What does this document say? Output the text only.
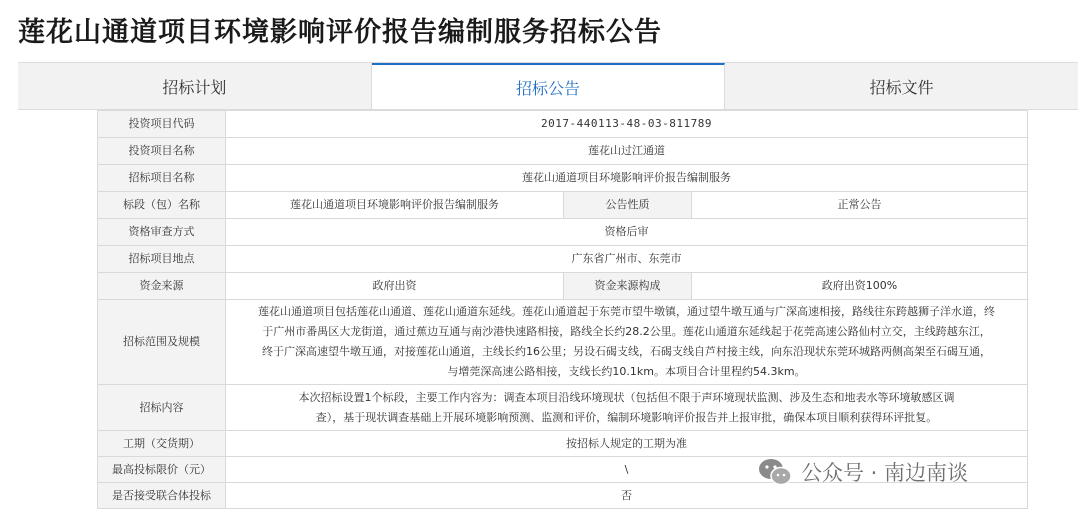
莲花山通道项目环境影响评价报告编制服务招标公告
招标计划	招标公告	招标文件
投资项目代码	2017-440113-48-03-811789		
投资项目名称	莲花山过江通道		
招标项目名称	莲花山通道项目环境影响评价报告编制服务		
标段（包）名称	莲花山通道项目环境影响评价报告编制服务	公告性质	正常公告
资格审查方式	资格后审		
招标项目地点	广东省广州市、东莞市		
资金来源	政府出资	资金来源构成	政府出资100%
招标范围及规模	莲花山通道项目包括莲花山通道、莲花山通道东延线。莲花山通道起于东莞市望牛墩镇，通过望牛墩互通与广深高速相接，路线往东跨越狮子洋水道，终
于广州市番禺区大龙街道，通过蕉边互通与南沙港快速路相接，路线全长约28.2公里。莲花山通道东延线起于花莞高速公路仙村立交，主线跨越东江，
终于广深高速望牛墩互通，对接莲花山通道，主线长约16公里；另设石碣支线，石碣支线自芦村接主线，向东沿现状东莞环城路两侧高架至石碣互通，
与增莞深高速公路相接，支线长约10.1km。本项目合计里程约54.3km。		

招标内容	本次招标设置1个标段，主要工作内容为：调查本项目沿线环境现状（包括但不限于声环境现状监测、涉及生态和地表水等环境敏感区调
查），基于现状调查基础上开展环境影响预测、监测和评价，编制环境影响评价报告并上报审批，确保本项目顺利获得环评批复。		

工期（交货期）	按招标人规定的工期为准		
最高投标限价（元）	\		
是否接受联合体投标	否		
公众号 · 南边南谈
